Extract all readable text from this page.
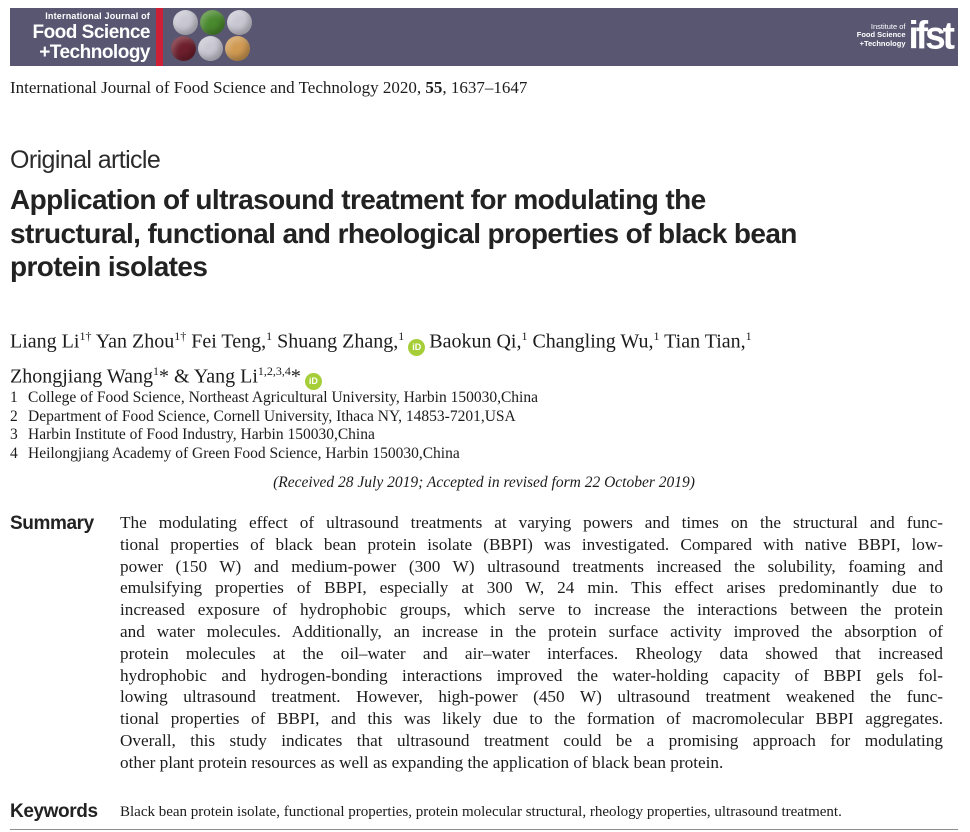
International Journal of
Food Science
+Technology
Institute of
Food Science
+Technology ifst
International Journal of Food Science and Technology 2020, 55, 1637–1647
Original article
Application of ultrasound treatment for modulating the
structural, functional and rheological properties of black bean
protein isolates
Liang $Li^{1\dagger}$ Yan Zhou$^{1\dagger}$ Fei Teng,$^1$ Shuang Zhang,$^1$iD Baokun Qi,$^1$ Changling Wu,$^1$ Tian Tian,$^1$
Zhongjiang Wang$^1$* & Yang Li$^{1,2,3,4}$* iD
1 College of Food Science, Northeast Agricultural University, Harbin 150030,China
2 Department of Food Science, Cornell University, Ithaca NY, 14853-7201,USA
3 Harbin Institute of Food Industry, Harbin 150030,China
4 Heilongjiang Academy of Green Food Science, Harbin 150030,China
(Received 28 July 2019; Accepted in revised form 22 October 2019)
Summary The modulating effect of ultrasound treatments at varying powers and times on the structural and func-
tional properties of black bean protein isolate (BBPI) was investigated. Compared with native BBPI, low-
power (150 W) and medium-power (300 W) ultrasound treatments increased the solubility, foaming and
emulsifying properties of BBPI, especially at 300 W, 24 min. This effect arises predominantly due to
increased exposure of hydrophobic groups, which serve to increase the interactions between the protein
and water molecules. Additionally, an increase in the protein surface activity improved the absorption of
protein molecules at the oil–water and air–water interfaces. Rheology data showed that increased
hydrophobic and hydrogen-bonding interactions improved the water-holding capacity of BBPI gels fol-
lowing ultrasound treatment. However, high-power (450 W) ultrasound treatment weakened the func-
tional properties of BBPI, and this was likely due to the formation of macromolecular BBPI aggregates.
Overall, this study indicates that ultrasound treatment could be a promising approach for modulating
other plant protein resources as well as expanding the application of black bean protein.
Keywords Black bean protein isolate, functional properties, protein molecular structural, rheology properties, ultrasound treatment.
